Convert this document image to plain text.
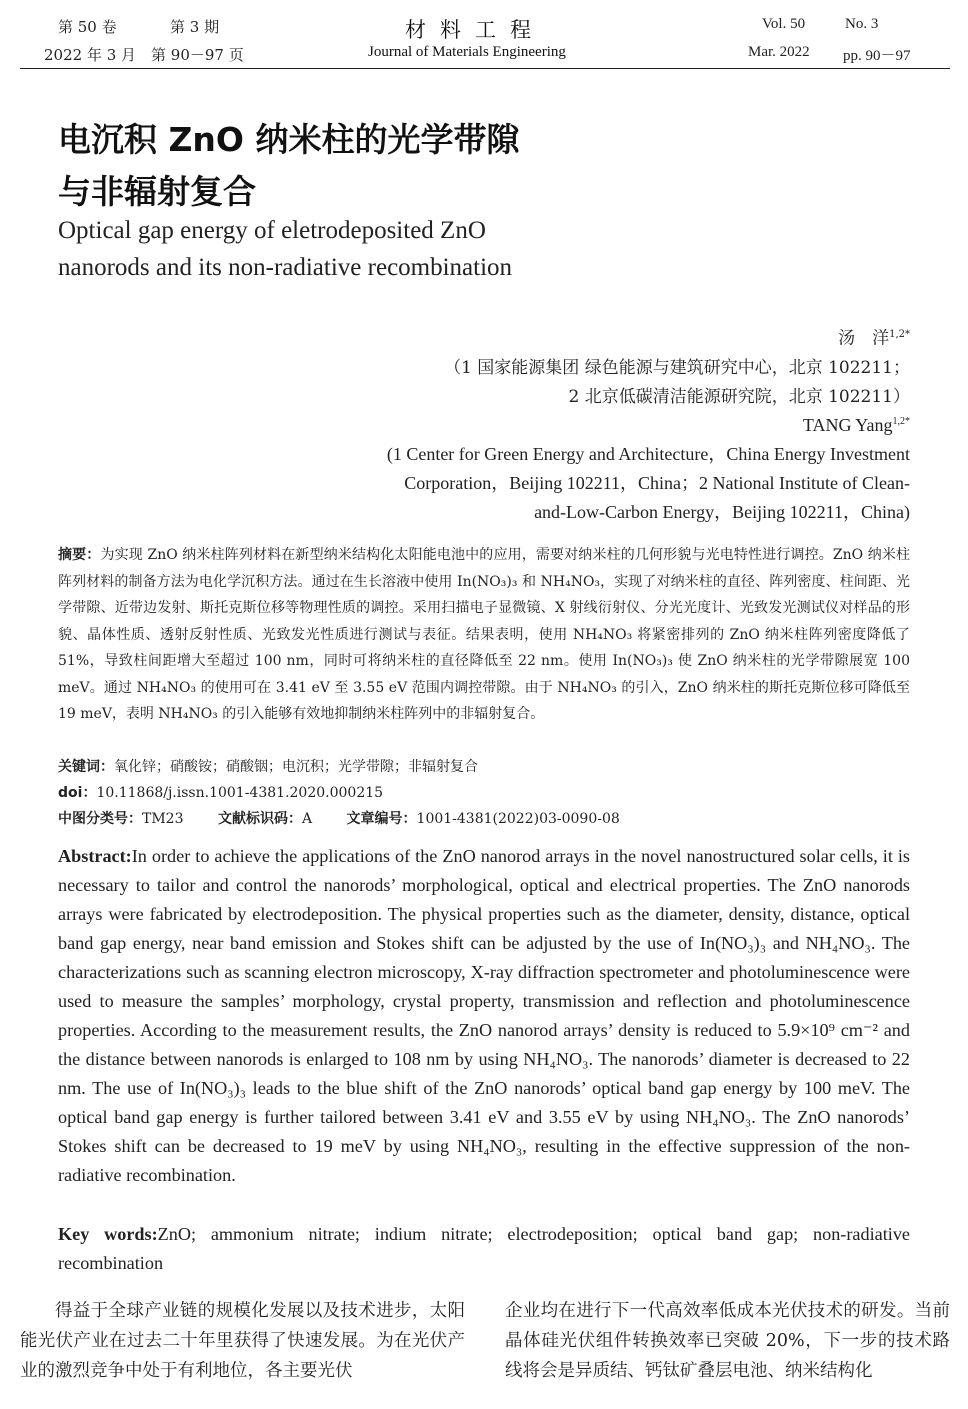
第 50 卷	第 3 期
2022 年 3 月　第 90－97 页
材料工程
Journal of Materials Engineering
Vol. 50	No. 3
Mar. 2022 pp. 90－97
电沉积 ZnO 纳米柱的光学带隙
与非辐射复合
Optical gap energy of eletrodeposited ZnO
nanorods and its non-radiative recombination
汤　洋$^{1,2*}$
（1 国家能源集团 绿色能源与建筑研究中心，北京 102211；
2 北京低碳清洁能源研究院，北京 102211）
TANG Yang$^{1,2*}$
(1 Center for Green Energy and Architecture，China Energy Investment
Corporation，Beijing 102211，China；2 National Institute of Clean-
and-Low-Carbon Energy，Beijing 102211，China)
摘要：为实现 ZnO 纳米柱阵列材料在新型纳米结构化太阳能电池中的应用，需要对纳米柱的几何形貌与光电特性进行调控。ZnO 纳米柱阵列材料的制备方法为电化学沉积方法。通过在生长溶液中使用 In(NO₃)₃ 和 NH₄NO₃，实现了对纳米柱的直径、阵列密度、柱间距、光学带隙、近带边发射、斯托克斯位移等物理性质的调控。采用扫描电子显微镜、X 射线衍射仪、分光光度计、光致发光测试仪对样品的形貌、晶体性质、透射反射性质、光致发光性质进行测试与表征。结果表明，使用 NH₄NO₃ 将紧密排列的 ZnO 纳米柱阵列密度降低了 51%，导致柱间距增大至超过 100 nm，同时可将纳米柱的直径降低至 22 nm。使用 In(NO₃)₃ 使 ZnO 纳米柱的光学带隙展宽 100 meV。通过 NH₄NO₃ 的使用可在 3.41 eV 至 3.55 eV 范围内调控带隙。由于 NH₄NO₃ 的引入，ZnO 纳米柱的斯托克斯位移可降低至 19 meV，表明 NH₄NO₃ 的引入能够有效地抑制纳米柱阵列中的非辐射复合。
关键词：氧化锌；硝酸铵；硝酸铟；电沉积；光学带隙；非辐射复合
doi：10.11868/j.issn.1001-4381.2020.000215
中图分类号：TM23 文献标识码：A 文章编号：1001-4381(2022)03-0090-08
Abstract:In order to achieve the applications of the ZnO nanorod arrays in the novel nanostructured solar cells, it is necessary to tailor and control the nanorods’ morphological, optical and electrical properties. The ZnO nanorods arrays were fabricated by electrodeposition. The physical properties such as the diameter, density, distance, optical band gap energy, near band emission and Stokes shift can be adjusted by the use of In(NO₃)₃ and NH₄NO₃. The characterizations such as scanning electron microscopy, X-ray diffraction spectrometer and photoluminescence were used to measure the samples’ morphology, crystal property, transmission and reflection and photoluminescence properties. According to the measurement results, the ZnO nanorod arrays’ density is reduced to 5.9×10⁹ cm⁻² and the distance between nanorods is enlarged to 108 nm by using NH₄NO₃. The nanorods’ diameter is decreased to 22 nm. The use of In(NO₃)₃ leads to the blue shift of the ZnO nanorods’ optical band gap energy by 100 meV. The optical band gap energy is further tailored between 3.41 eV and 3.55 eV by using NH₄NO₃. The ZnO nanorods’ Stokes shift can be decreased to 19 meV by using NH₄NO₃, resulting in the effective suppression of the non-radiative recombination.
Key words:ZnO; ammonium nitrate; indium nitrate; electrodeposition; optical band gap; non-radiative recombination
得益于全球产业链的规模化发展以及技术进步，太阳能光伏产业在过去二十年里获得了快速发展。为在光伏产业的激烈竞争中处于有利地位，各主要光伏
企业均在进行下一代高效率低成本光伏技术的研发。当前晶体硅光伏组件转换效率已突破 20%，下一步的技术路线将会是异质结、钙钛矿叠层电池、纳米结构化
